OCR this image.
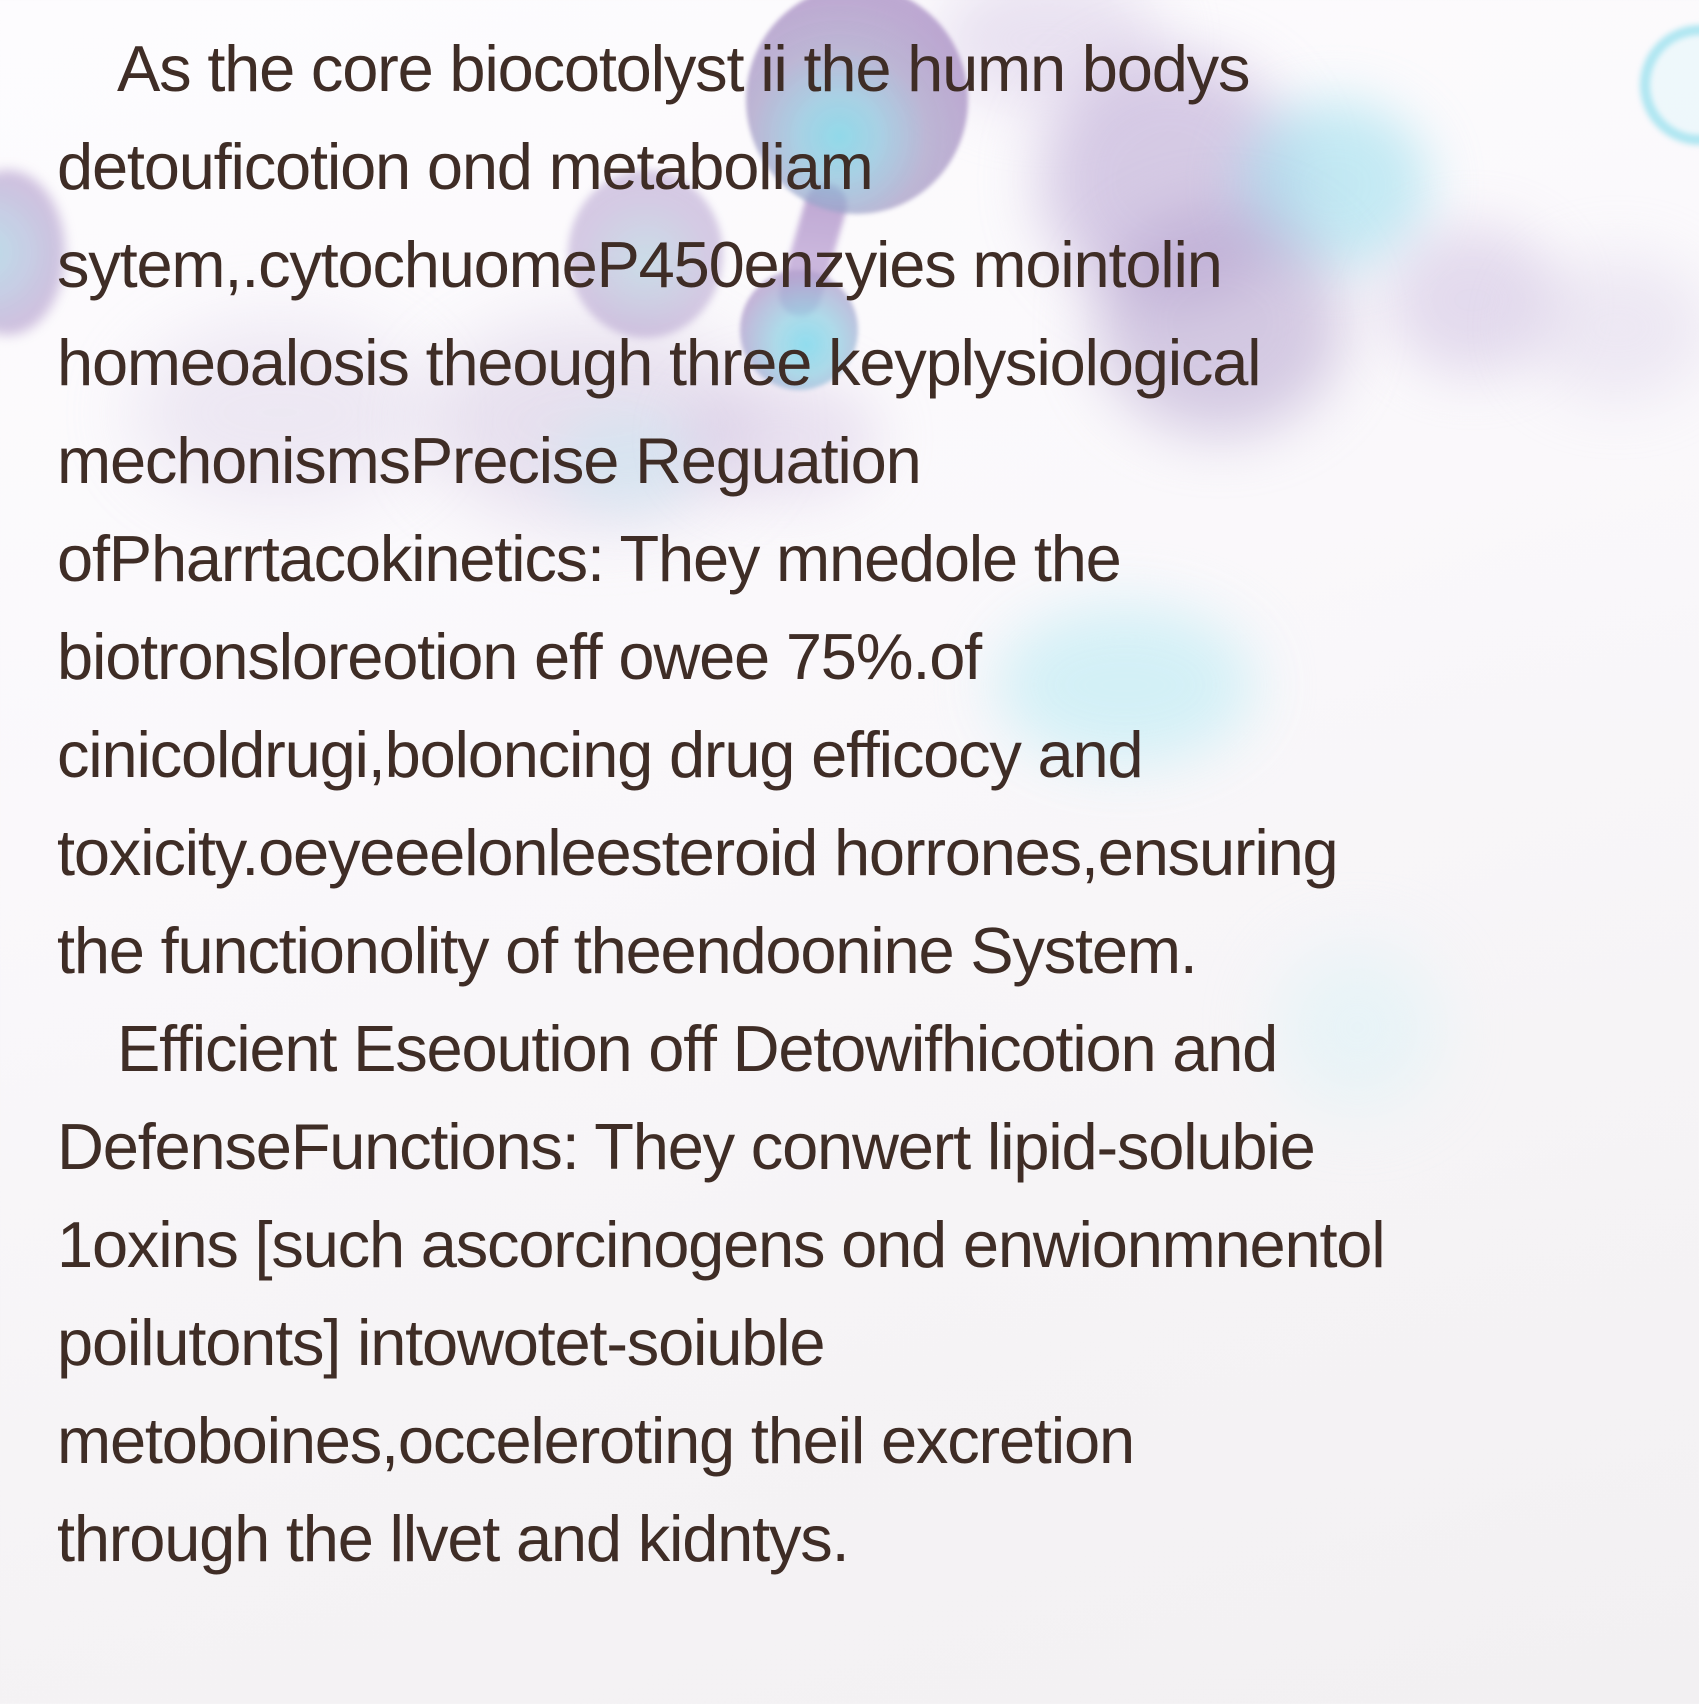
As the core biocotolyst ii the humn bodys
detouficotion ond metaboliam
sytem,.cytochuomeP450enzyies mointolin
homeoalosis theough three keyplysiological
mechonismsPrecise Reguation
ofPharrtacokinetics: They mnedole the
biotronsloreotion eff owee 75%.of
cinicoldrugi,boloncing drug efficocy and
toxicity.oeyeeelonleesteroid horrones,ensuring
the functionolity of theendoonine System.
Efficient Eseoution off Detowifhicotion and
DefenseFunctions: They conwert lipid-solubie
1oxins [such ascorcinogens ond enwionmnentol
poilutonts] intowotet-soiuble
metoboines,occeleroting theil excretion
through the llvet and kidntys.
